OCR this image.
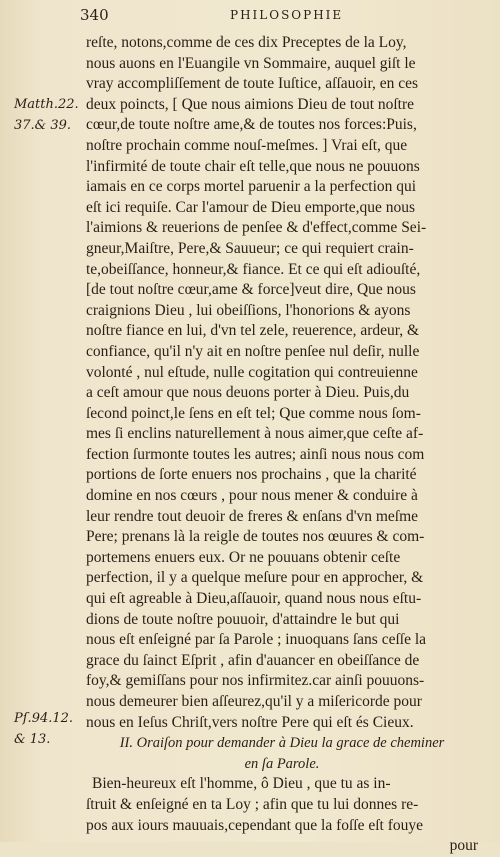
340	PHILOSOPHIE
Matth.22.
37.& 39.
Pſ.94.12.
& 13.
reſte, notons,comme de ces dix Preceptes de la Loy,
nous auons en l'Euangile vn Sommaire, auquel giſt le
vray accompliſſement de toute Iuſtice, aſſauoir, en ces
deux poincts, [ Que nous aimions Dieu de tout noſtre
cœur,de toute noſtre ame,& de toutes nos forces:Puis,
noſtre prochain comme nouſ-meſmes. ] Vrai eſt, que
l'infirmité de toute chair eſt telle,que nous ne pouuons
iamais en ce corps mortel paruenir a la perfection qui
eſt ici requiſe. Car l'amour de Dieu emporte,que nous
l'aimions & reuerions de penſee & d'effect,comme Sei-
gneur,Maiſtre, Pere,& Sauueur; ce qui requiert crain-
te,obeiſſance, honneur,& fiance. Et ce qui eſt adiouſté,
[de tout noſtre cœur,ame & force]veut dire, Que nous
craignions Dieu , lui obeiſſions, l'honorions & ayons
noſtre fiance en lui, d'vn tel zele, reuerence, ardeur, &
confiance, qu'il n'y ait en noſtre penſee nul deſir, nulle
volonté , nul eſtude, nulle cogitation qui contreuienne
a ceſt amour que nous deuons porter à Dieu. Puis,du
ſecond poinct,le ſens en eſt tel; Que comme nous ſom-
mes ſi enclins naturellement à nous aimer,que ceſte af-
fection ſurmonte toutes les autres; ainſi nous nous com
portions de ſorte enuers nos prochains , que la charité
domine en nos cœurs , pour nous mener & conduire à
leur rendre tout deuoir de freres & enſans d'vn meſme
Pere; prenans là la reigle de toutes nos œuures & com-
portemens enuers eux. Or ne pouuans obtenir ceſte
perfection, il y a quelque meſure pour en approcher, &
qui eſt agreable à Dieu,aſſauoir, quand nous nous eſtu-
dions de toute noſtre pouuoir, d'attaindre le but qui
nous eſt enſeigné par ſa Parole ; inuoquans ſans ceſſe la
grace du ſainct Eſprit , afin d'auancer en obeiſſance de
foy,& gemiſſans pour nos infirmitez.car ainſi pouuons-
nous demeurer bien aſſeurez,qu'il y a miſericorde pour
nous en Ieſus Chriſt,vers noſtre Pere qui eſt és Cieux.
II. Oraiſon pour demander à Dieu la grace de cheminer
en ſa Parole.
Bien-heureux eſt l'homme, ô Dieu , que tu as in-
ſtruit & enſeigné en ta Loy ; afin que tu lui donnes re-
pos aux iours mauuais,cependant que la foſſe eſt fouye
pour
